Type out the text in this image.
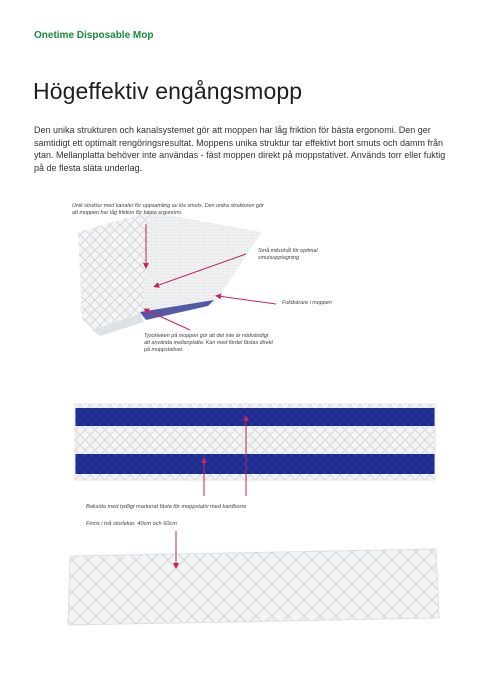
Onetime Disposable Mop
Högeffektiv engångsmopp
Den unika strukturen och kanalsystemet gör att moppen har låg friktion för bästa ergonomi. Den ger samtidigt ett optimalt rengöringsresultat. Moppens unika struktur tar effektivt bort smuts och damm från ytan. Mellanplatta behöver inte användas - fäst moppen direkt på moppstativet. Används torr eller fuktig på de flesta släta underlag.
Unik struktur med kanaler för uppsamling av lös smuts. Den unika strukturen gör att moppen har låg friktion för bästa ergonomi.
Små mikrohål för optimal smutsupptagning
Fuktbärare i moppen
Tjockleken på moppen gör att det inte är nödvändigt att använda mellanplatta. Kan med fördel fästas direkt på moppstativet.
Baksida med tydligt markerat fäste för moppstativ med kardborre
Finns i två storlekar. 40cm och 60cm
